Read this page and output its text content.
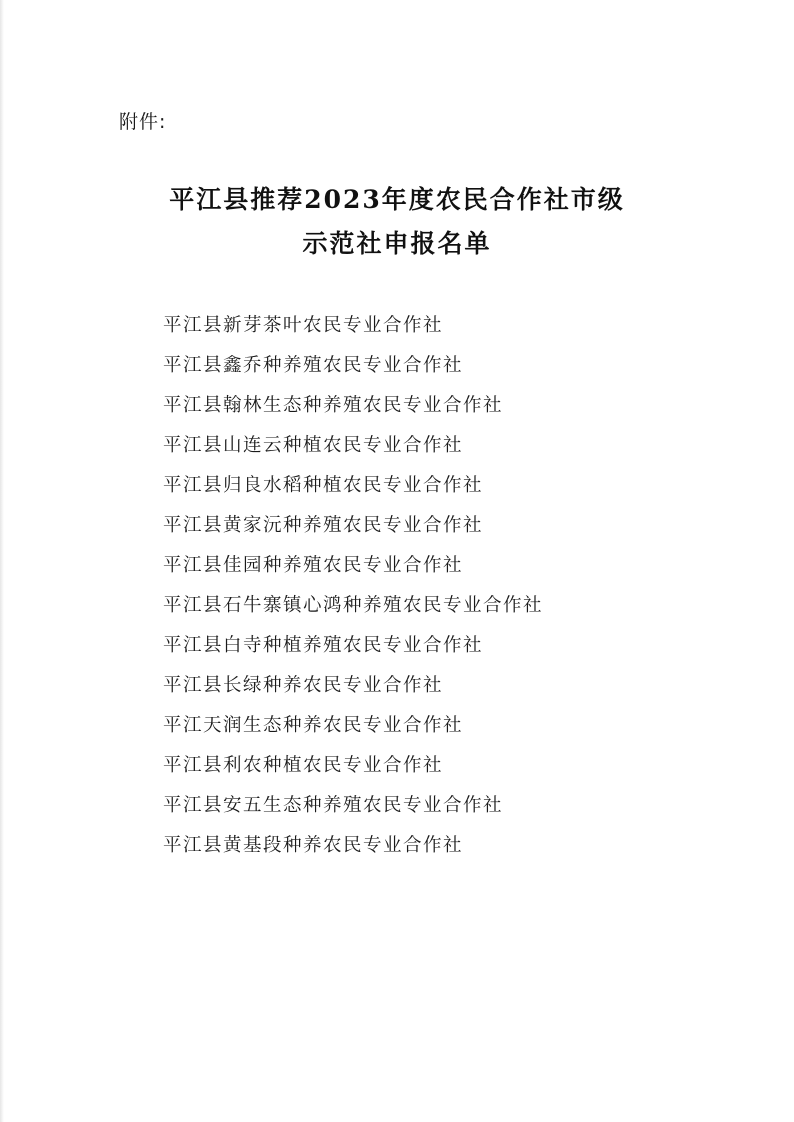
附件:
平江县推荐2023年度农民合作社市级
示范社申报名单
平江县新芽茶叶农民专业合作社
平江县鑫乔种养殖农民专业合作社
平江县翰林生态种养殖农民专业合作社
平江县山连云种植农民专业合作社
平江县归良水稻种植农民专业合作社
平江县黄家沅种养殖农民专业合作社
平江县佳园种养殖农民专业合作社
平江县石牛寨镇心鸿种养殖农民专业合作社
平江县白寺种植养殖农民专业合作社
平江县长绿种养农民专业合作社
平江天润生态种养农民专业合作社
平江县利农种植农民专业合作社
平江县安五生态种养殖农民专业合作社
平江县黄基段种养农民专业合作社
